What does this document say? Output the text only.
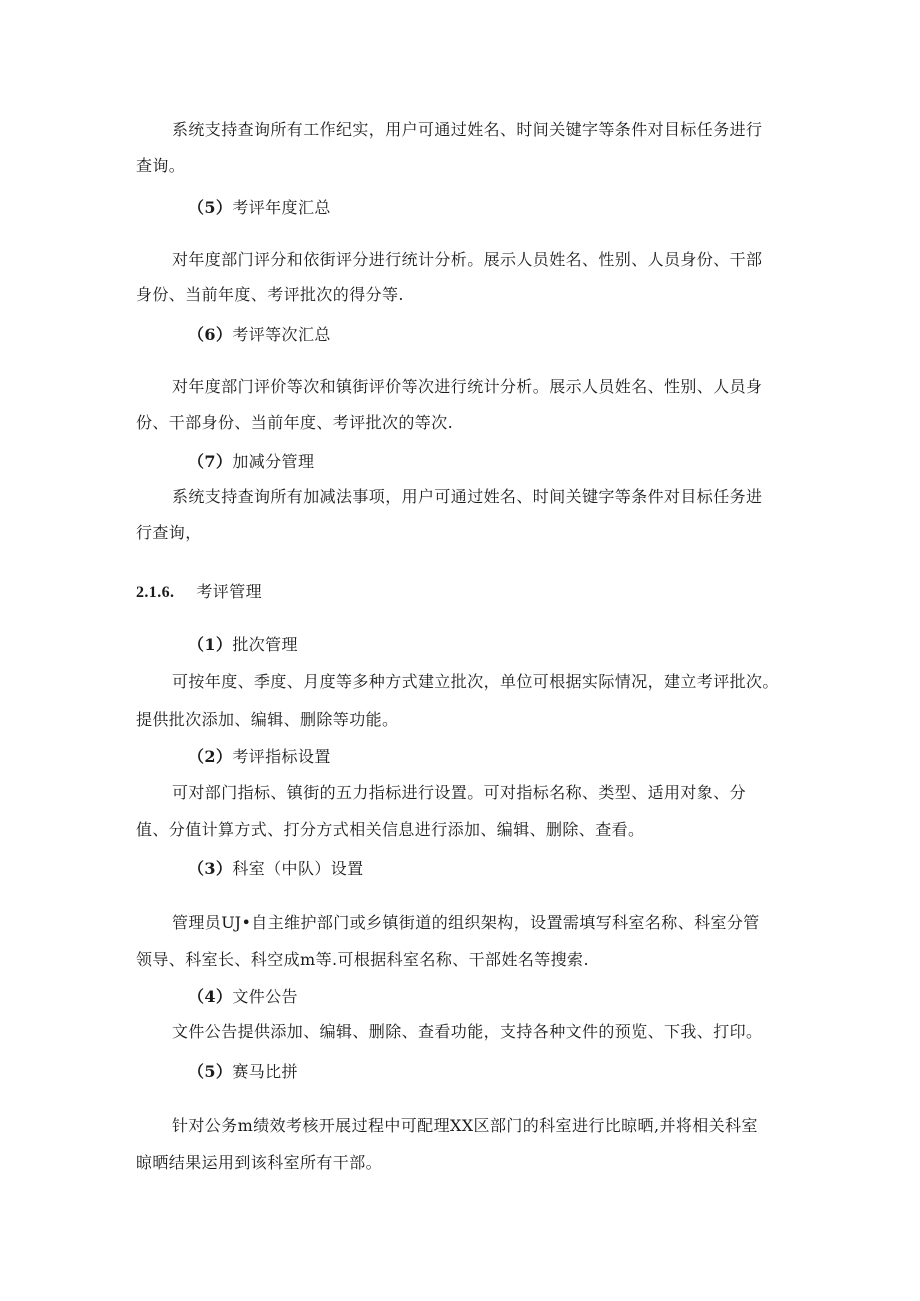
系统支持查询所有工作纪实，用户可通过姓名、时间关键字等条件对目标任务进行
查询。
（5）考评年度汇总
对年度部门评分和依街评分进行统计分析。展示人员姓名、性别、人员身份、干部
身份、当前年度、考评批次的得分等.
（6）考评等次汇总
对年度部门评价等次和镇街评价等次进行统计分析。展示人员姓名、性别、人员身
份、干部身份、当前年度、考评批次的等次.
（7）加减分管理
系统支持查询所有加减法事项，用户可通过姓名、时间关键字等条件对目标任务进
行查询，
2.1.6. 考评管理
（1）批次管理
可按年度、季度、月度等多种方式建立批次，单位可根据实际情况，建立考评批次。
提供批次添加、编辑、删除等功能。
（2）考评指标设置
可对部门指标、镇街的五力指标进行设置。可对指标名称、类型、适用对象、分
值、分值计算方式、打分方式相关信息进行添加、编辑、删除、查看。
（3）科室（中队）设置
管理员UJ•自主维护部门或乡镇街道的组织架构，设置需填写科室名称、科室分管
领导、科室长、科空成m等.可根据科室名称、干部姓名等搜索.
（4）文件公告
文件公告提供添加、编辑、删除、查看功能，支持各种文件的预览、下我、打印。
（5）赛马比拼
针对公务m绩效考核开展过程中可配理XX区部门的科室进行比晾晒,并将相关科室
晾晒结果运用到该科室所有干部。
